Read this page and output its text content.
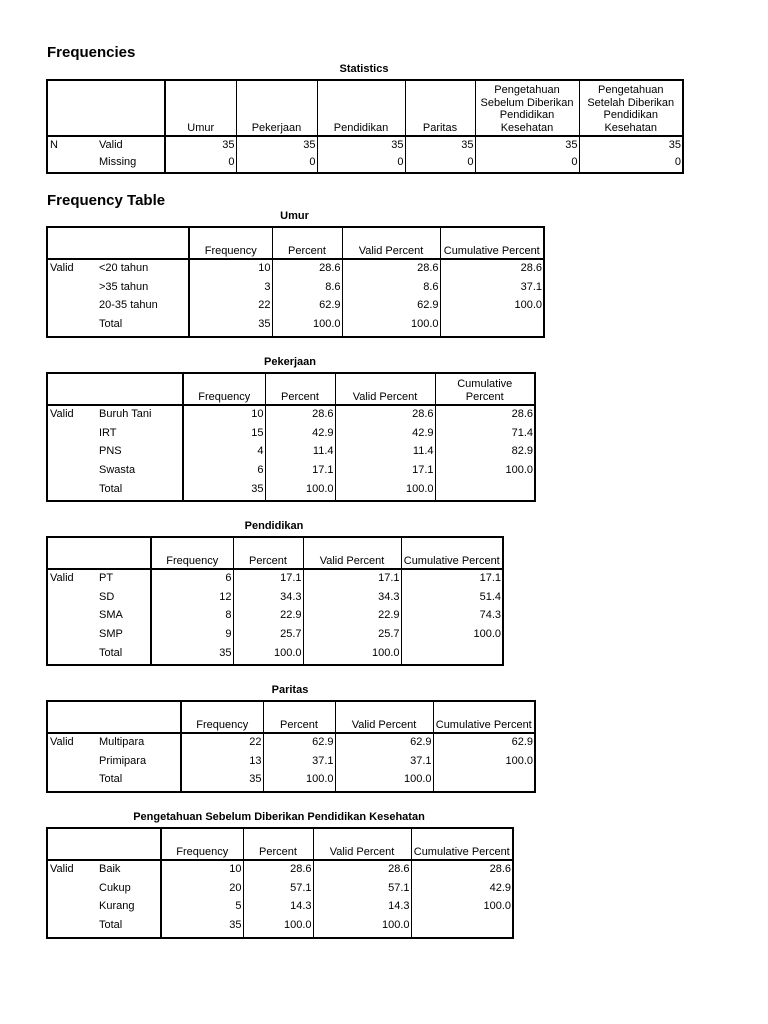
Frequencies
Statistics
		Umur	Pekerjaan	Pendidikan	Paritas	Pengetahuan Sebelum Diberikan Pendidikan Kesehatan	Pengetahuan Setelah Diberikan Pendidikan Kesehatan
N	Valid	35	35	35	35	35	35
	Missing	0	0	0	0	0	0
Frequency Table
Umur
		Frequency	Percent	Valid Percent	Cumulative Percent
Valid	<20 tahun	10	28.6	28.6	28.6
	>35 tahun	3	8.6	8.6	37.1
	20-35 tahun	22	62.9	62.9	100.0
	Total	35	100.0	100.0	
Pekerjaan
		Frequency	Percent	Valid Percent	Cumulative Percent
Valid	Buruh Tani	10	28.6	28.6	28.6
	IRT	15	42.9	42.9	71.4
	PNS	4	11.4	11.4	82.9
	Swasta	6	17.1	17.1	100.0
	Total	35	100.0	100.0	
Pendidikan
		Frequency	Percent	Valid Percent	Cumulative Percent
Valid	PT	6	17.1	17.1	17.1
	SD	12	34.3	34.3	51.4
	SMA	8	22.9	22.9	74.3
	SMP	9	25.7	25.7	100.0
	Total	35	100.0	100.0	
Paritas
		Frequency	Percent	Valid Percent	Cumulative Percent
Valid	Multipara	22	62.9	62.9	62.9
	Primipara	13	37.1	37.1	100.0
	Total	35	100.0	100.0	
Pengetahuan Sebelum Diberikan Pendidikan Kesehatan
		Frequency	Percent	Valid Percent	Cumulative Percent
Valid	Baik	10	28.6	28.6	28.6
	Cukup	20	57.1	57.1	42.9
	Kurang	5	14.3	14.3	100.0
	Total	35	100.0	100.0	
